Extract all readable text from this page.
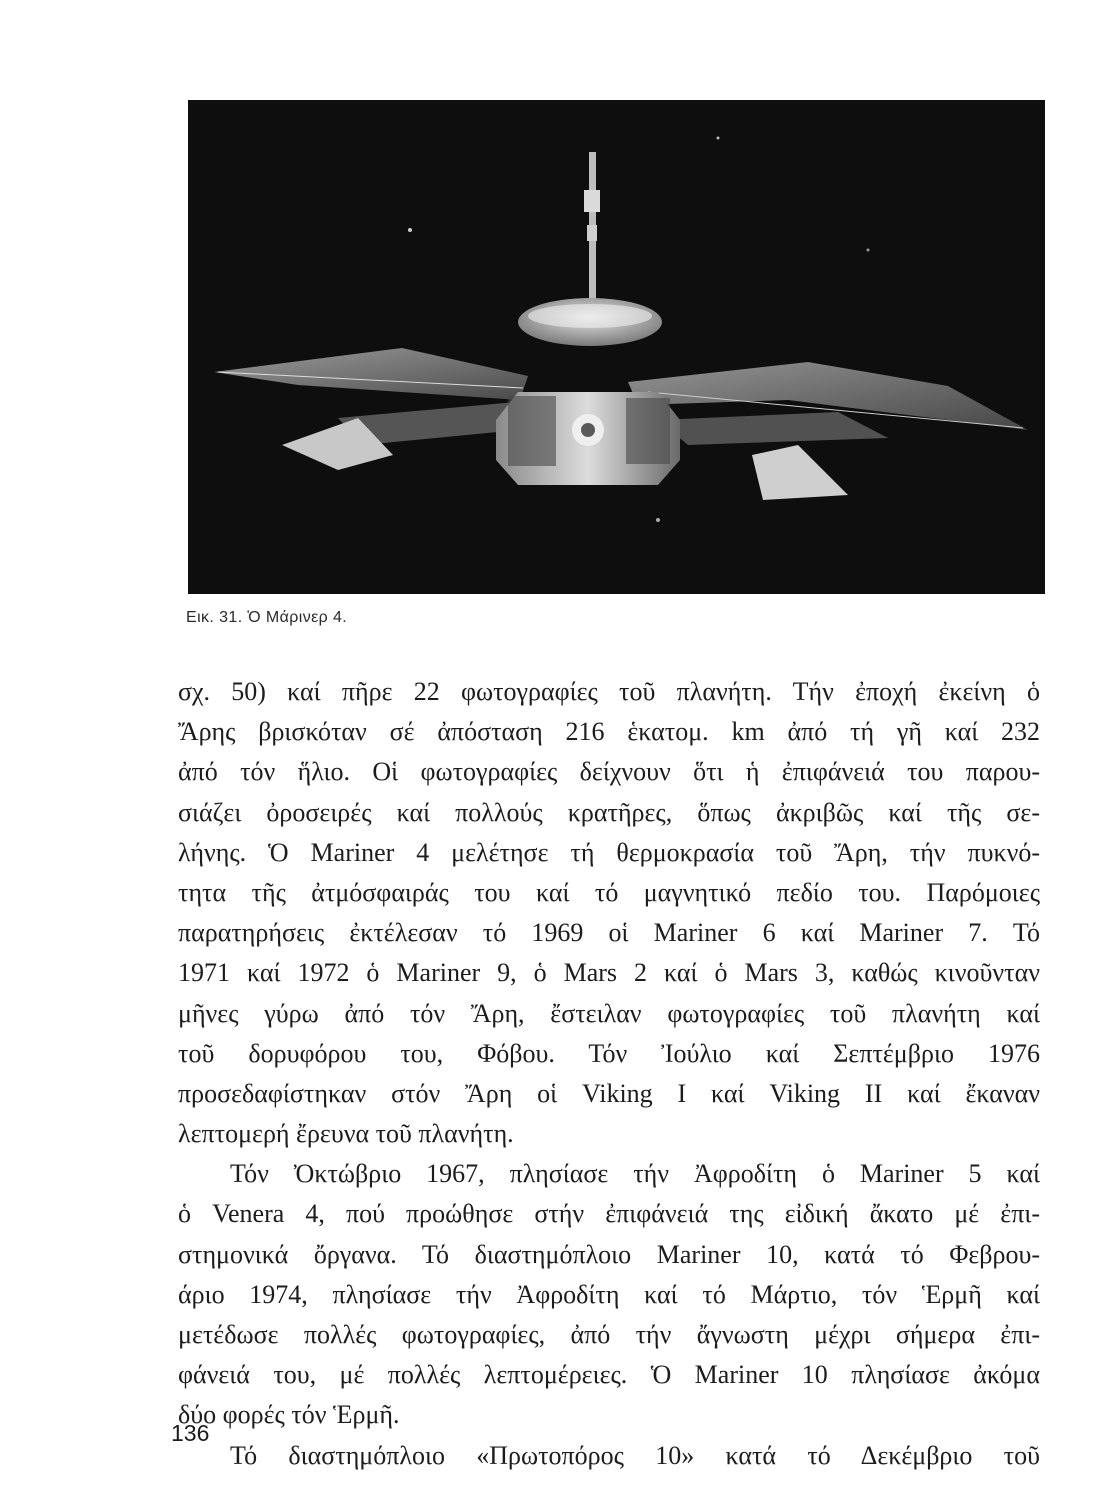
Εικ. 31. Ὁ Μάρινερ 4.
σχ. 50) καί πῆρε 22 φωτογραφίες τοῦ πλανήτη. Τήν ἐποχή ἐκείνη ὁ
Ἄρης βρισκόταν σέ ἀπόσταση 216 ἑκατομ. km ἀπό τή γῆ καί 232
ἀπό τόν ἥλιο. Οἱ φωτογραφίες δείχνουν ὅτι ἡ ἐπιφάνειά του παρου-
σιάζει ὀροσειρές καί πολλούς κρατῆρες, ὅπως ἀκριβῶς καί τῆς σε-
λήνης. Ὁ Mariner 4 μελέτησε τή θερμοκρασία τοῦ Ἄρη, τήν πυκνό-
τητα τῆς ἀτμόσφαιράς του καί τό μαγνητικό πεδίο του. Παρόμοιες
παρατηρήσεις ἐκτέλεσαν τό 1969 οἱ Mariner 6 καί Mariner 7. Τό
1971 καί 1972 ὁ Mariner 9, ὁ Mars 2 καί ὁ Mars 3, καθώς κινοῦνταν
μῆνες γύρω ἀπό τόν Ἄρη, ἔστειλαν φωτογραφίες τοῦ πλανήτη καί
τοῦ δορυφόρου του, Φόβου. Τόν Ἰούλιο καί Σεπτέμβριο 1976
προσεδαφίστηκαν στόν Ἄρη οἱ Viking I καί Viking II καί ἔκαναν
λεπτομερή ἔρευνα τοῦ πλανήτη.
Τόν Ὀκτώβριο 1967, πλησίασε τήν Ἀφροδίτη ὁ Mariner 5 καί
ὁ Venera 4, πού προώθησε στήν ἐπιφάνειά της εἰδική ἄκατο μέ ἐπι-
στημονικά ὄργανα. Τό διαστημόπλοιο Mariner 10, κατά τό Φεβρου-
άριο 1974, πλησίασε τήν Ἀφροδίτη καί τό Μάρτιο, τόν Ἑρμῆ καί
μετέδωσε πολλές φωτογραφίες, ἀπό τήν ἄγνωστη μέχρι σήμερα ἐπι-
φάνειά του, μέ πολλές λεπτομέρειες. Ὁ Mariner 10 πλησίασε ἀκόμα
δύο φορές τόν Ἑρμῆ.
Τό διαστημόπλοιο «Πρωτοπόρος 10» κατά τό Δεκέμβριο τοῦ
136
